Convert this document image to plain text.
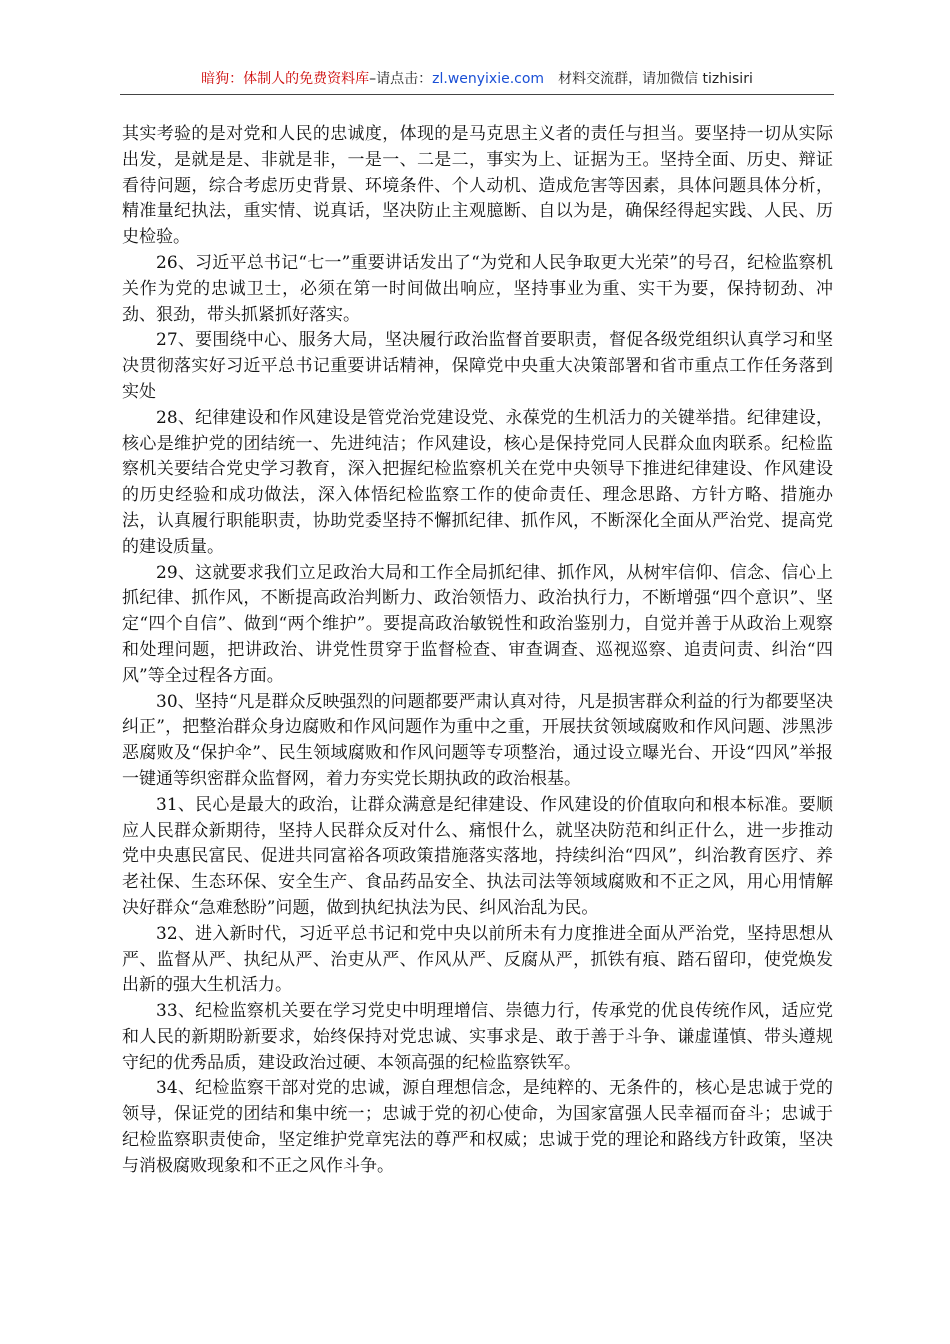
暗狗：体制人的免费资料库–请点击：zl.wenyixie.com 材料交流群，请加微信 tizhisiri

其实考验的是对党和人民的忠诚度，体现的是马克思主义者的责任与担当。要坚持一切从实际出发，是就是是、非就是非，一是一、二是二，事实为上、证据为王。坚持全面、历史、辩证看待问题，综合考虑历史背景、环境条件、个人动机、造成危害等因素，具体问题具体分析，精准量纪执法，重实情、说真话，坚决防止主观臆断、自以为是，确保经得起实践、人民、历史检验。

26、习近平总书记“七一”重要讲话发出了“为党和人民争取更大光荣”的号召，纪检监察机关作为党的忠诚卫士，必须在第一时间做出响应，坚持事业为重、实干为要，保持韧劲、冲劲、狠劲，带头抓紧抓好落实。

27、要围绕中心、服务大局，坚决履行政治监督首要职责，督促各级党组织认真学习和坚决贯彻落实好习近平总书记重要讲话精神，保障党中央重大决策部署和省市重点工作任务落到实处

28、纪律建设和作风建设是管党治党建设党、永葆党的生机活力的关键举措。纪律建设，核心是维护党的团结统一、先进纯洁；作风建设，核心是保持党同人民群众血肉联系。纪检监察机关要结合党史学习教育，深入把握纪检监察机关在党中央领导下推进纪律建设、作风建设的历史经验和成功做法，深入体悟纪检监察工作的使命责任、理念思路、方针方略、措施办法，认真履行职能职责，协助党委坚持不懈抓纪律、抓作风，不断深化全面从严治党、提高党的建设质量。

29、这就要求我们立足政治大局和工作全局抓纪律、抓作风，从树牢信仰、信念、信心上抓纪律、抓作风，不断提高政治判断力、政治领悟力、政治执行力，不断增强“四个意识”、坚定“四个自信”、做到“两个维护”。要提高政治敏锐性和政治鉴别力，自觉并善于从政治上观察和处理问题，把讲政治、讲党性贯穿于监督检查、审查调查、巡视巡察、追责问责、纠治“四风”等全过程各方面。

30、坚持“凡是群众反映强烈的问题都要严肃认真对待，凡是损害群众利益的行为都要坚决纠正”，把整治群众身边腐败和作风问题作为重中之重，开展扶贫领域腐败和作风问题、涉黑涉恶腐败及“保护伞”、民生领域腐败和作风问题等专项整治，通过设立曝光台、开设“四风”举报一键通等织密群众监督网，着力夯实党长期执政的政治根基。

31、民心是最大的政治，让群众满意是纪律建设、作风建设的价值取向和根本标准。要顺应人民群众新期待，坚持人民群众反对什么、痛恨什么，就坚决防范和纠正什么，进一步推动党中央惠民富民、促进共同富裕各项政策措施落实落地，持续纠治“四风”，纠治教育医疗、养老社保、生态环保、安全生产、食品药品安全、执法司法等领域腐败和不正之风，用心用情解决好群众“急难愁盼”问题，做到执纪执法为民、纠风治乱为民。

32、进入新时代，习近平总书记和党中央以前所未有力度推进全面从严治党，坚持思想从严、监督从严、执纪从严、治吏从严、作风从严、反腐从严，抓铁有痕、踏石留印，使党焕发出新的强大生机活力。

33、纪检监察机关要在学习党史中明理增信、崇德力行，传承党的优良传统作风，适应党和人民的新期盼新要求，始终保持对党忠诚、实事求是、敢于善于斗争、谦虚谨慎、带头遵规守纪的优秀品质，建设政治过硬、本领高强的纪检监察铁军。

34、纪检监察干部对党的忠诚，源自理想信念，是纯粹的、无条件的，核心是忠诚于党的领导，保证党的团结和集中统一；忠诚于党的初心使命，为国家富强人民幸福而奋斗；忠诚于纪检监察职责使命，坚定维护党章宪法的尊严和权威；忠诚于党的理论和路线方针政策，坚决与消极腐败现象和不正之风作斗争。
